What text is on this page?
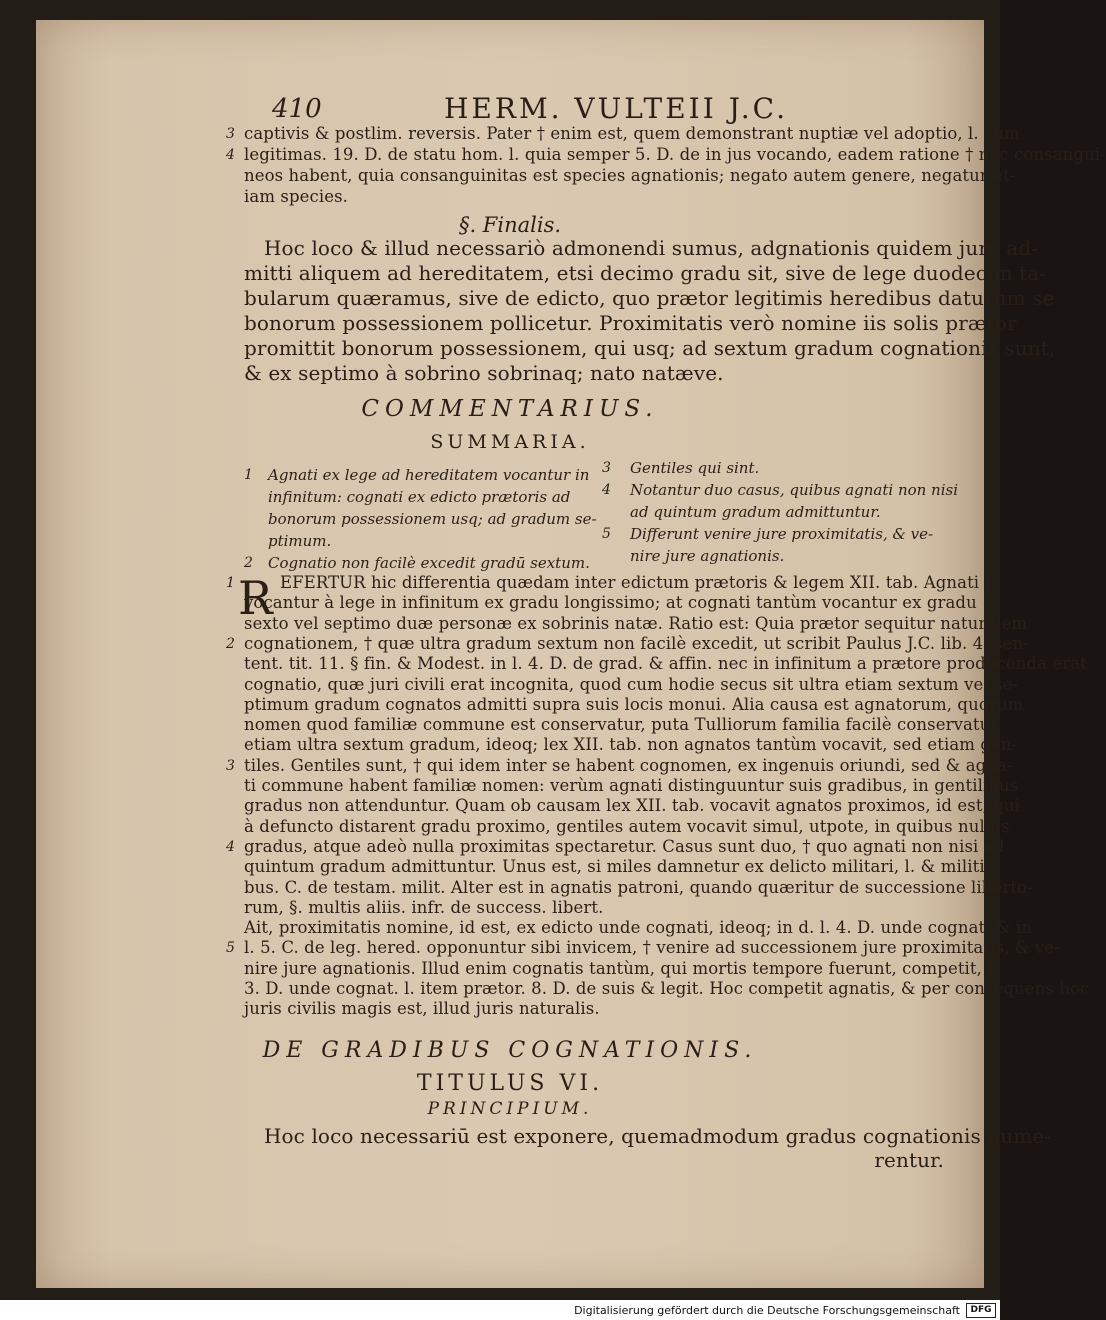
410	HERM. VULTEII J.C.
3 captivis & postlim. reversis. Pater † enim est, quem demonstrant nuptiæ vel adoptio, l. cum
4 legitimas. 19. D. de statu hom. l. quia semper 5. D. de in jus vocando, eadem ratione † nec consangui-
neos habent, quia consanguinitas est species agnationis; negato autem genere, negatur et-
iam species.
§. Finalis.
Hoc loco & illud necessariò admonendi sumus, adgnationis quidem jure ad-
mitti aliquem ad hereditatem, etsi decimo gradu sit, sive de lege duodecim ta-
bularum quæramus, sive de edicto, quo prætor legitimis heredibus daturum se
bonorum possessionem pollicetur. Proximitatis verò nomine iis solis prætor
promittit bonorum possessionem, qui usq; ad sextum gradum cognationis sunt,
& ex septimo à sobrino sobrinaq; nato natæve.
COMMENTARIUS.
SUMMARIA.
1 Agnati ex lege ad hereditatem vocantur in
infinitum: cognati ex edicto prætoris ad
bonorum possessionem usq; ad gradum se-
ptimum.
2 Cognatio non facilè excedit gradū sextum.
3 Gentiles qui sint.
4 Notantur duo casus, quibus agnati non nisi
ad quintum gradum admittuntur.
5 Differunt venire jure proximitatis, & ve-
nire jure agnationis.
R
1	EFERTUR hic differentia quædam inter edictum prætoris & legem XII. tab. Agnati †
vocantur à lege in infinitum ex gradu longissimo; at cognati tantùm vocantur ex gradu
sexto vel septimo duæ personæ ex sobrinis natæ. Ratio est: Quia prætor sequitur naturalem
2 cognationem, † quæ ultra gradum sextum non facilè excedit, ut scribit Paulus J.C. lib. 4. sen-
tent. tit. 11. § fin. & Modest. in l. 4. D. de grad. & affin. nec in infinitum a prætore producenda erat
cognatio, quæ juri civili erat incognita, quod cum hodie secus sit ultra etiam sextum vel se-
ptimum gradum cognatos admitti supra suis locis monui. Alia causa est agnatorum, quorum
nomen quod familiæ commune est conservatur, puta Tulliorum familia facilè conservatur
etiam ultra sextum gradum, ideoq; lex XII. tab. non agnatos tantùm vocavit, sed etiam gen-
3 tiles. Gentiles sunt, † qui idem inter se habent cognomen, ex ingenuis oriundi, sed & agna-
ti commune habent familiæ nomen: verùm agnati distinguuntur suis gradibus, in gentilibus
gradus non attenduntur. Quam ob causam lex XII. tab. vocavit agnatos proximos, id est, qui
à defuncto distarent gradu proximo, gentiles autem vocavit simul, utpote, in quibus nullus
4 gradus, atque adeò nulla proximitas spectaretur. Casus sunt duo, † quo agnati non nisi ad
quintum gradum admittuntur. Unus est, si miles damnetur ex delicto militari, l. & militi-
bus. C. de testam. milit. Alter est in agnatis patroni, quando quæritur de successione liberto-
rum, §. multis aliis. infr. de success. libert.
Ait, proximitatis nomine, id est, ex edicto unde cognati, ideoq; in d. l. 4. D. unde cognat. & in
5 l. 5. C. de leg. hered. opponuntur sibi invicem, † venire ad successionem jure proximitatis, & ve-
nire jure agnationis. Illud enim cognatis tantùm, qui mortis tempore fuerunt, competit, l.
3. D. unde cognat. l. item prætor. 8. D. de suis & legit. Hoc competit agnatis, & per consequens hoc
juris civilis magis est, illud juris naturalis.
DE GRADIBUS COGNATIONIS.
TITULUS VI.
PRINCIPIUM.
Hoc loco necessariū est exponere, quemadmodum gradus cognationis nume-
rentur.
Digitalisierung gefördert durch die Deutsche Forschungsgemeinschaft	DFG
